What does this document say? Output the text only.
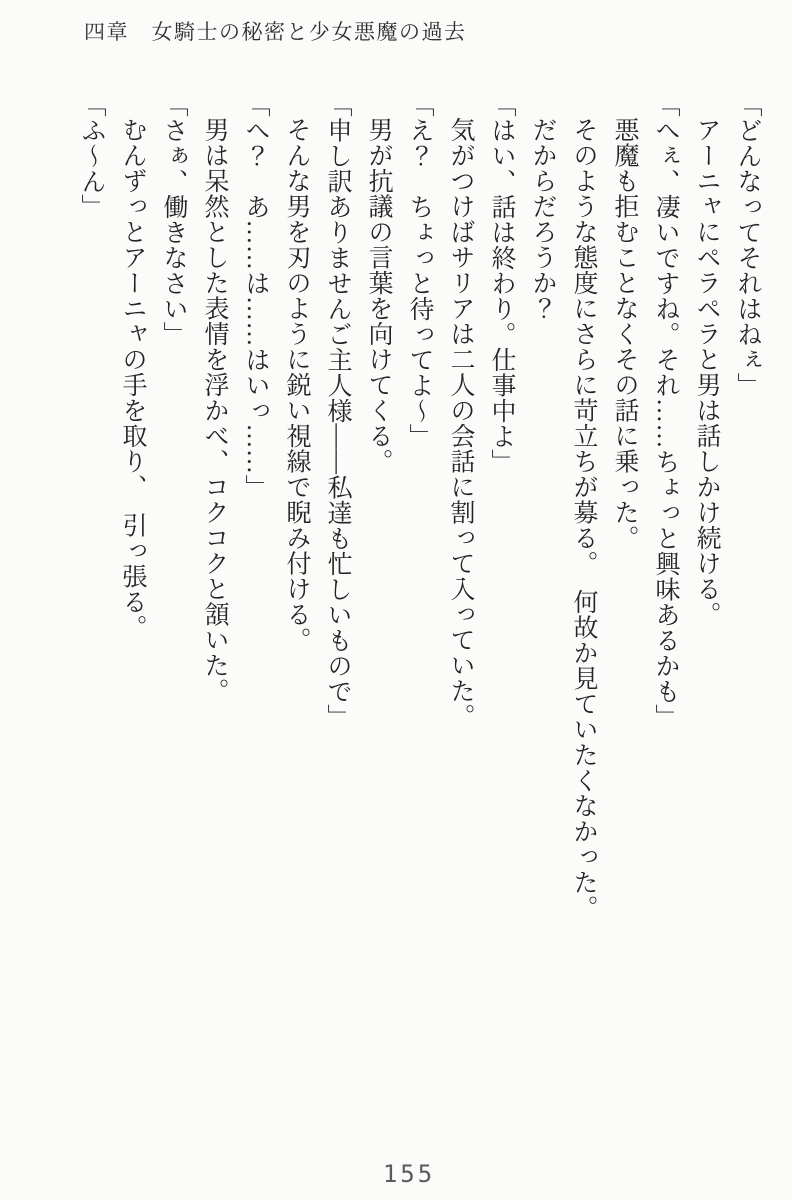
四章　女騎士の秘密と少女悪魔の過去

「どんなってそれはねぇ」

アーニャにペラペラと男は話しかけ続ける。

「へぇ、凄いですね。それ……ちょっと興味あるかも」

悪魔も拒むことなくその話に乗った。

そのような態度にさらに苛立ちが募る。　何故か見ていたくなかった。

だからだろうか？

「はい、話は終わり。仕事中よ」

気がつけばサリアは二人の会話に割って入っていた。

「え？　ちょっと待ってよ〜」

男が抗議の言葉を向けてくる。

「申し訳ありませんご主人様――私達も忙しいもので」

そんな男を刃のように鋭い視線で睨み付ける。

「へ？　あ……は……はいっ……」

男は呆然とした表情を浮かべ、コクコクと頷いた。

「さぁ、働きなさい」

むんずっとアーニャの手を取り、　引っ張る。

「ふ〜ん」

155
